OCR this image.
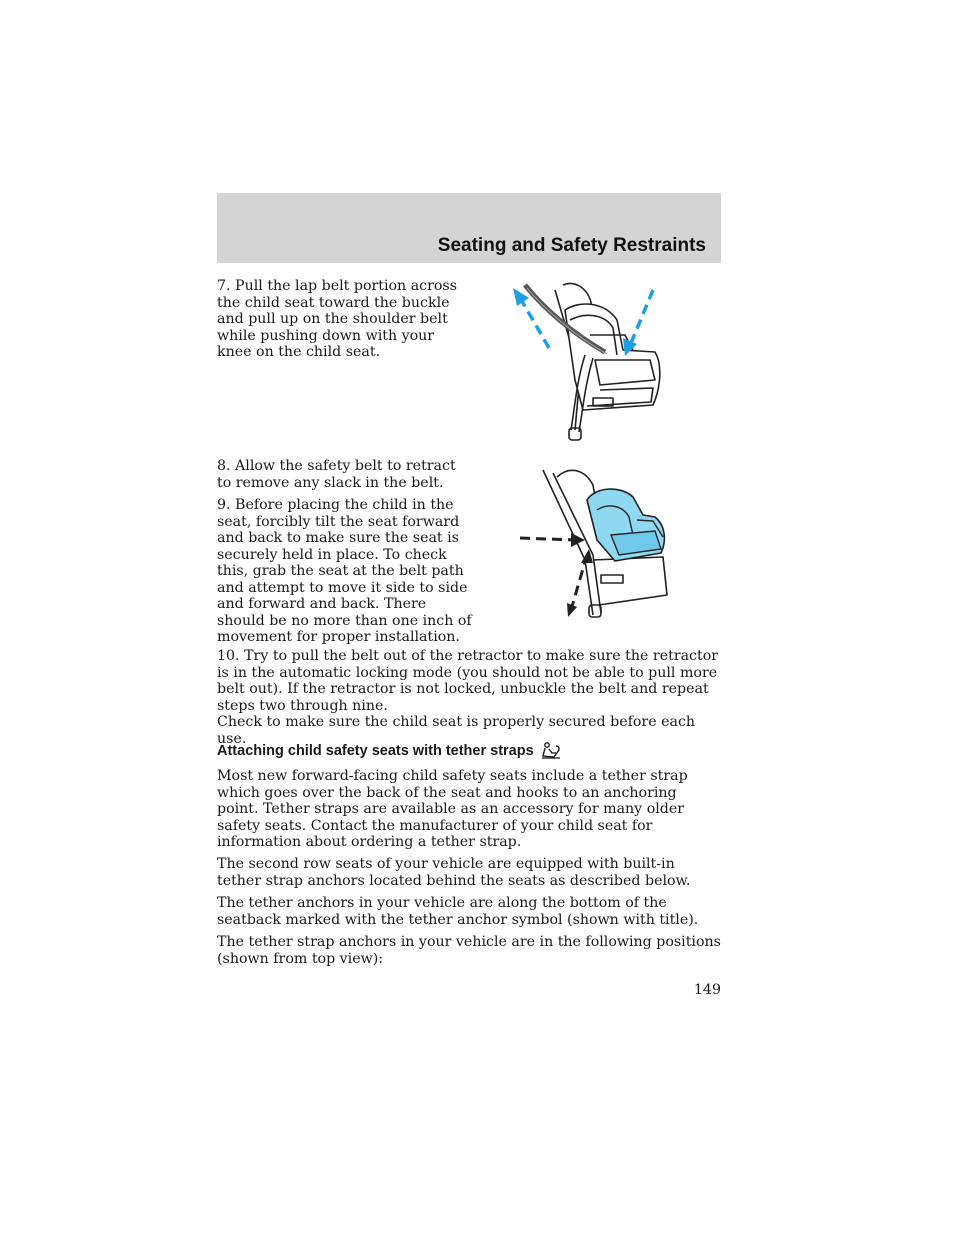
Seating and Safety Restraints

7. Pull the lap belt portion across the child seat toward the buckle and pull up on the shoulder belt while pushing down with your knee on the child seat.

8. Allow the safety belt to retract to remove any slack in the belt.

9. Before placing the child in the seat, forcibly tilt the seat forward and back to make sure the seat is securely held in place. To check this, grab the seat at the belt path and attempt to move it side to side and forward and back. There should be no more than one inch of movement for proper installation.

10. Try to pull the belt out of the retractor to make sure the retractor is in the automatic locking mode (you should not be able to pull more belt out). If the retractor is not locked, unbuckle the belt and repeat steps two through nine.

Check to make sure the child seat is properly secured before each use.

Attaching child safety seats with tether straps

Most new forward-facing child safety seats include a tether strap which goes over the back of the seat and hooks to an anchoring point. Tether straps are available as an accessory for many older safety seats. Contact the manufacturer of your child seat for information about ordering a tether strap.

The second row seats of your vehicle are equipped with built-in tether strap anchors located behind the seats as described below.

The tether anchors in your vehicle are along the bottom of the seatback marked with the tether anchor symbol (shown with title).

The tether strap anchors in your vehicle are in the following positions (shown from top view):

149
